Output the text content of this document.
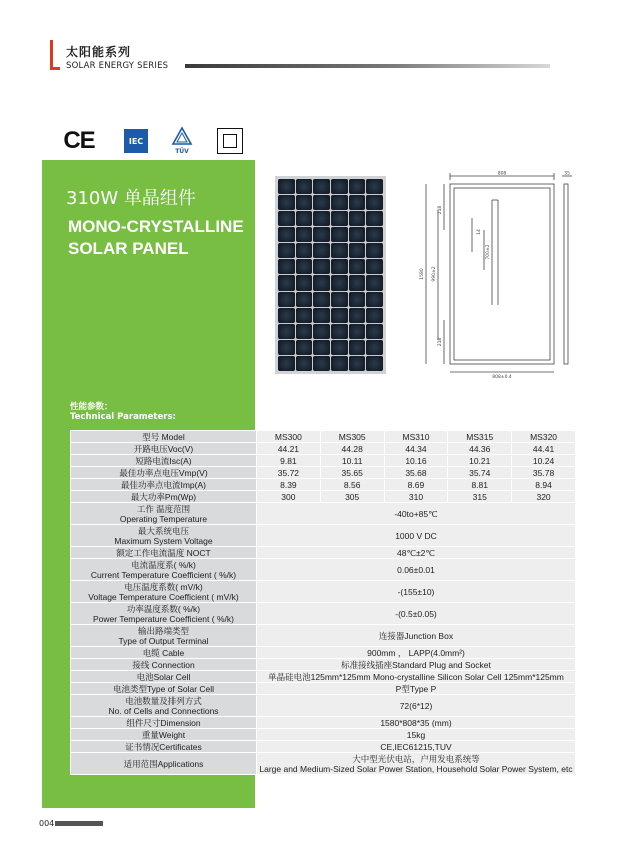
太阳能系列
SOLAR ENERGY SERIES
CE	IEC
TÜV
310W 单晶组件
MONO-CRYSTALLINE
SOLAR PANEL
性能参数：
Technical Parameters:
808	35
808±0.4
1580 990±2
218
218
700±2
14
型号 Model	MS300	MS305	MS310	MS315	MS320
开路电压Voc(V)	44.21	44.28	44.34	44.36	44.41
短路电流Isc(A)	9.81	10.11	10.16	10.21	10.24
最佳功率点电压Vmp(V)	35.72	35.65	35.68	35.74	35.78
最佳功率点电流Imp(A)	8.39	8.56	8.69	8.81	8.94
最大功率Pm(Wp)	300	305	310	315	320

工作 温度范围
Operating Temperature	-40to+85℃				

最大系统电压
Maximum System Voltage	1000 V DC				

额定工作电流温度 NOCT	48℃±2℃				

电流温度系( %/k)
Current Temperature Coefficient ( %/k)	0.06±0.01				

电压温度系数( mV/k)
Voltage Temperature Coefficient ( mV/k)	-(155±10)				

功率温度系数( %/k)
Power Temperature Coefficient ( %/k)	-(0.5±0.05)				

输出路端类型
Type of Output Terminal	连接器Junction Box				

电缆 Cable	900mm ， LAPP(4.0mm²)				

接线 Connection	标准接线插座Standard Plug and Socket				

电池Solar Cell	单晶硅电池125mm*125mm Mono-crystalline Silicon Solar Cell 125mm*125mm				

电池类型Type of Solar Cell	P型Type P				

电池数量及排列方式
No. of Cells and Connections	72(6*12)				

组件尺寸Dimension	1580*808*35 (mm)				

重量Weight	15kg				

证书情况Certificates	CE,IEC61215,TUV				

适用范围Applications	大中型光伏电站，户用发电系统等
Large and Medium-Sized Solar Power Station, Household Solar Power System, etc				
004
